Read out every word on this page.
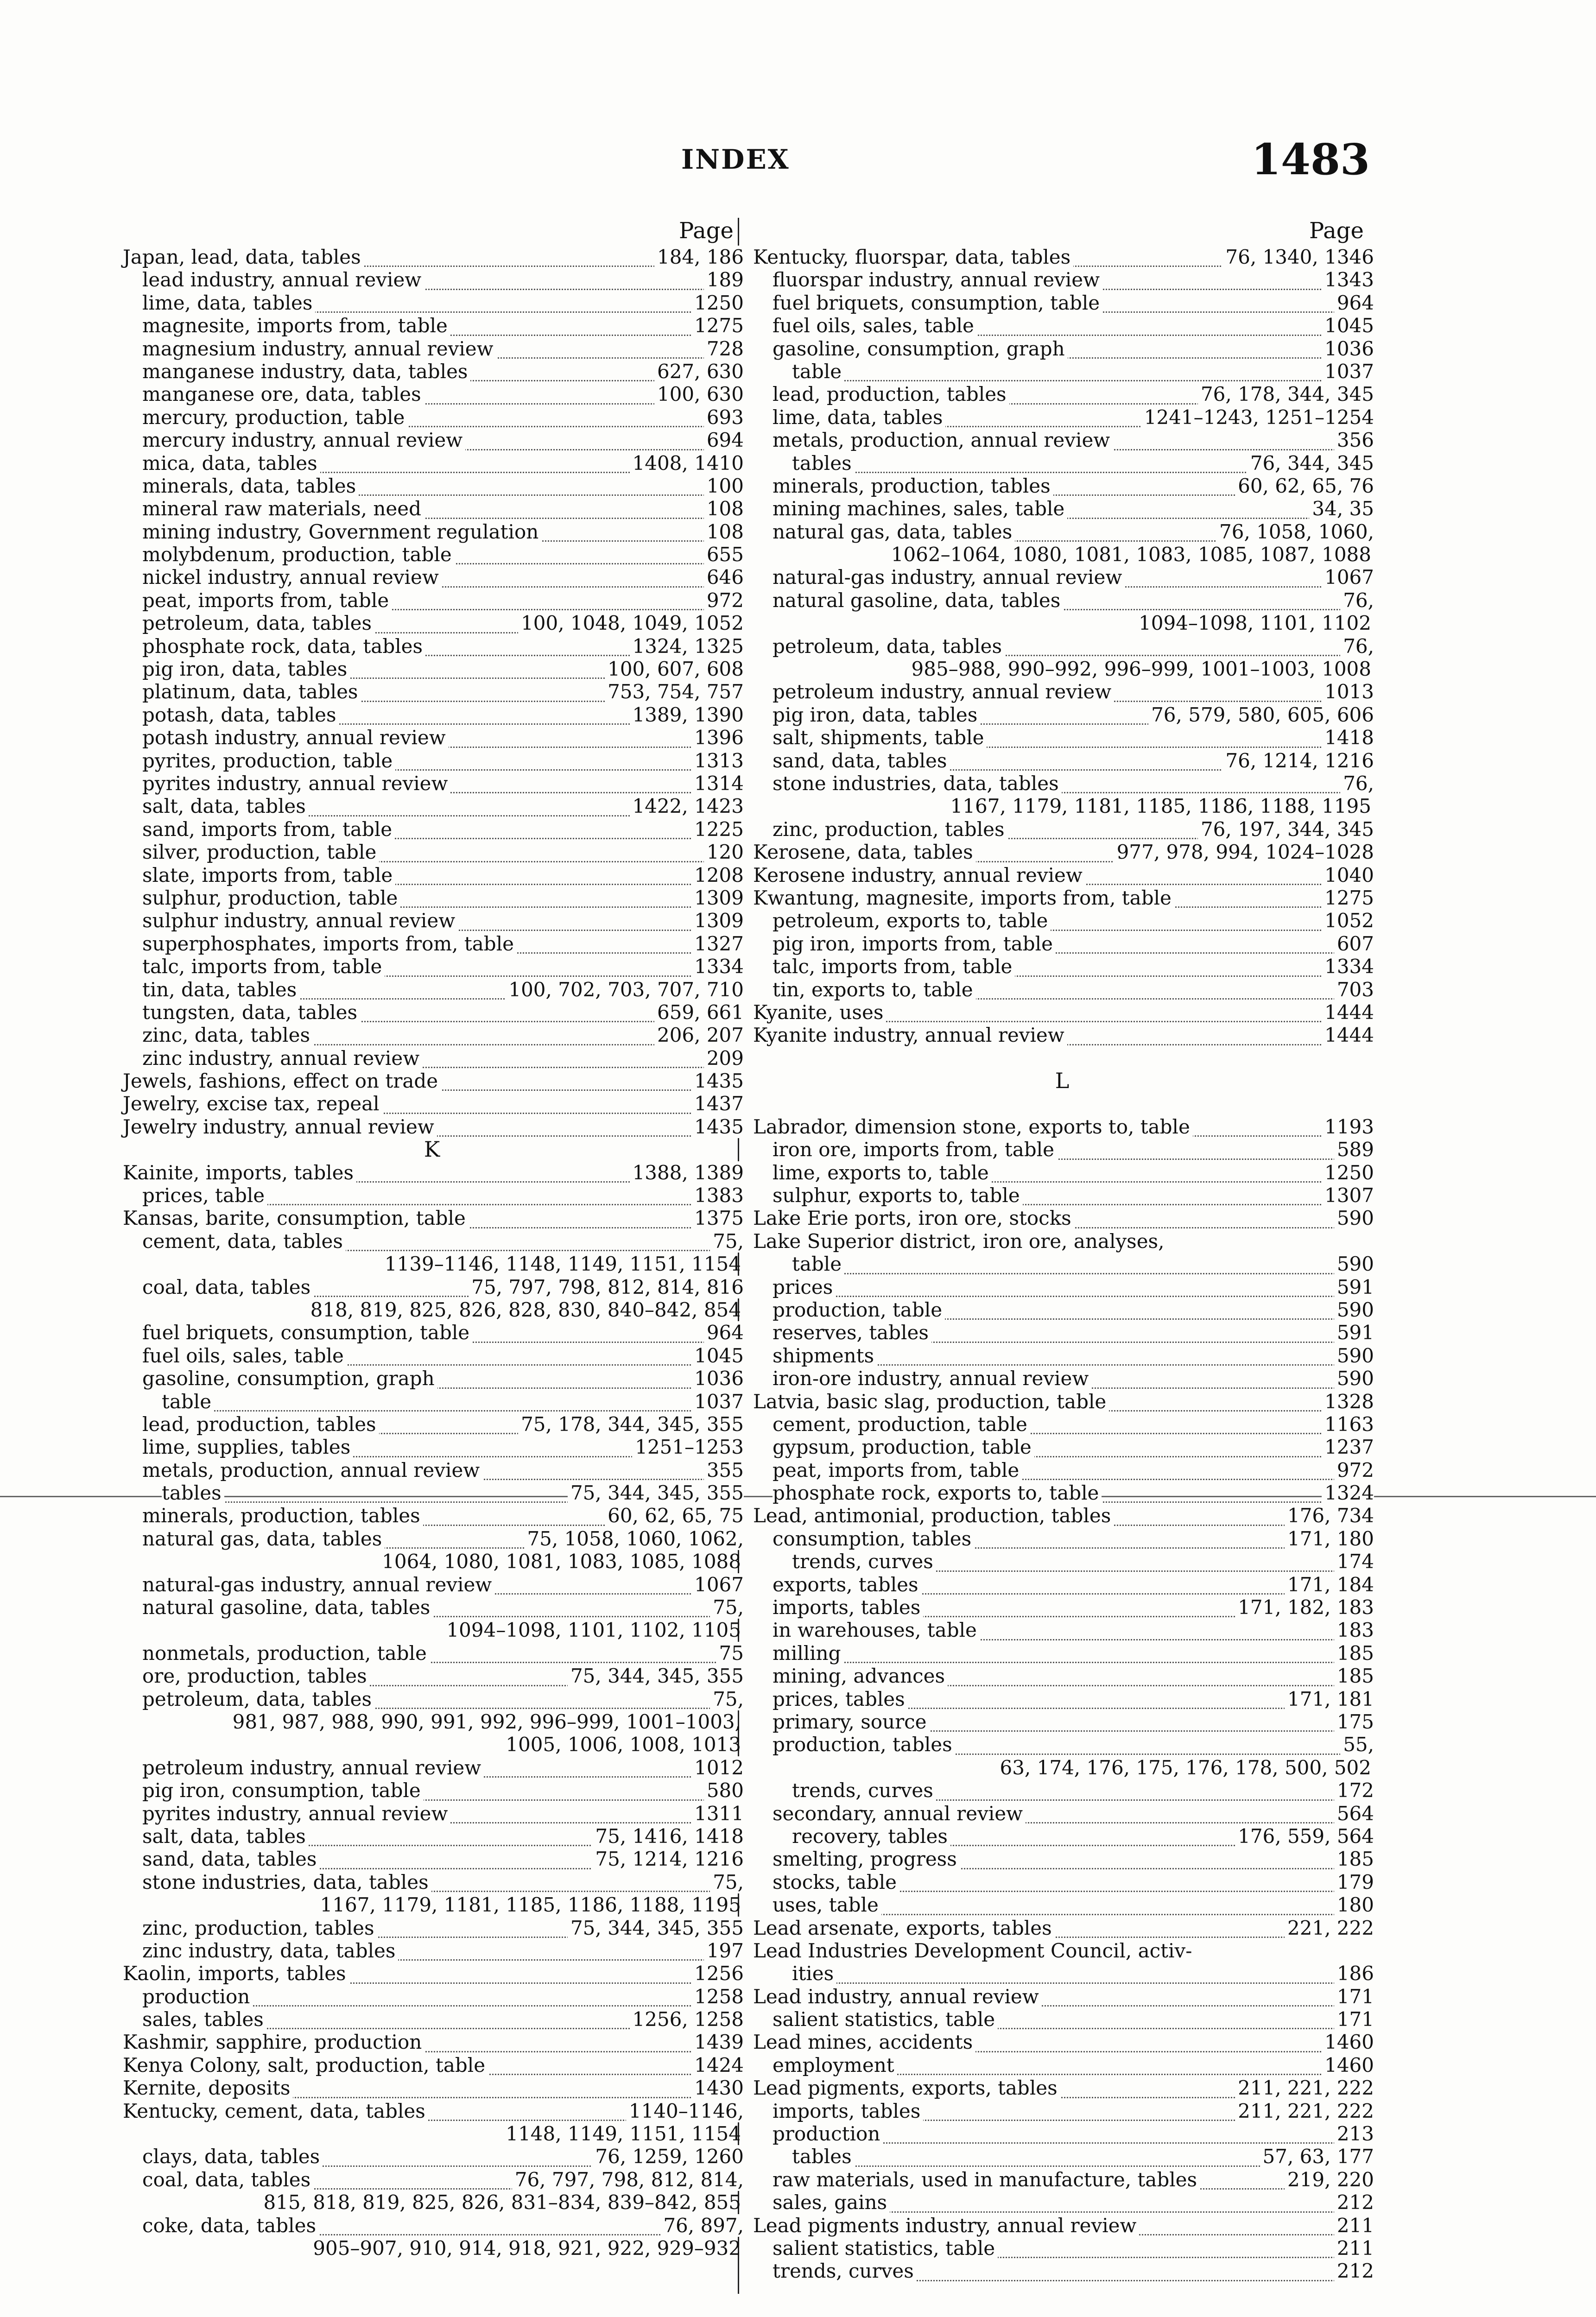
INDEX	1483
Page
Japan, lead, data, tables	184, 186
lead industry, annual review	189
lime, data, tables	1250
magnesite, imports from, table	1275
magnesium industry, annual review	728
manganese industry, data, tables	627, 630
manganese ore, data, tables	100, 630
mercury, production, table	693
mercury industry, annual review	694
mica, data, tables	1408, 1410
minerals, data, tables	100
mineral raw materials, need	108
mining industry, Government regulation	108
molybdenum, production, table	655
nickel industry, annual review	646
peat, imports from, table	972
petroleum, data, tables	100, 1048, 1049, 1052
phosphate rock, data, tables	1324, 1325
pig iron, data, tables	100, 607, 608
platinum, data, tables	753, 754, 757
potash, data, tables	1389, 1390
potash industry, annual review	1396
pyrites, production, table	1313
pyrites industry, annual review	1314
salt, data, tables	1422, 1423
sand, imports from, table	1225
silver, production, table	120
slate, imports from, table	1208
sulphur, production, table	1309
sulphur industry, annual review	1309
superphosphates, imports from, table	1327
talc, imports from, table	1334
tin, data, tables	100, 702, 703, 707, 710
tungsten, data, tables	659, 661
zinc, data, tables	206, 207
zinc industry, annual review	209
Jewels, fashions, effect on trade	1435
Jewelry, excise tax, repeal	1437
Jewelry industry, annual review	1435
K
Kainite, imports, tables	1388, 1389
prices, table	1383
Kansas, barite, consumption, table	1375
cement, data, tables	75,
1139–1146, 1148, 1149, 1151, 1154
coal, data, tables	75, 797, 798, 812, 814, 816
818, 819, 825, 826, 828, 830, 840–842, 854
fuel briquets, consumption, table	964
fuel oils, sales, table	1045
gasoline, consumption, graph	1036
table	1037
lead, production, tables	75, 178, 344, 345, 355
lime, supplies, tables	1251–1253
metals, production, annual review	355
tables	75, 344, 345, 355
minerals, production, tables	60, 62, 65, 75
natural gas, data, tables	75, 1058, 1060, 1062,
1064, 1080, 1081, 1083, 1085, 1088
natural-gas industry, annual review	1067
natural gasoline, data, tables	75,
1094–1098, 1101, 1102, 1105
nonmetals, production, table	75
ore, production, tables	75, 344, 345, 355
petroleum, data, tables	75,
981, 987, 988, 990, 991, 992, 996–999, 1001–1003,
1005, 1006, 1008, 1013
petroleum industry, annual review	1012
pig iron, consumption, table	580
pyrites industry, annual review	1311
salt, data, tables	75, 1416, 1418
sand, data, tables	75, 1214, 1216
stone industries, data, tables	75,
1167, 1179, 1181, 1185, 1186, 1188, 1195
zinc, production, tables	75, 344, 345, 355
zinc industry, data, tables	197
Kaolin, imports, tables	1256
production	1258
sales, tables	1256, 1258
Kashmir, sapphire, production	1439
Kenya Colony, salt, production, table	1424
Kernite, deposits	1430
Kentucky, cement, data, tables	1140–1146,
1148, 1149, 1151, 1154
clays, data, tables	76, 1259, 1260
coal, data, tables	76, 797, 798, 812, 814,
815, 818, 819, 825, 826, 831–834, 839–842, 855
coke, data, tables	76, 897,
905–907, 910, 914, 918, 921, 922, 929–932
Page
Kentucky, fluorspar, data, tables	76, 1340, 1346
fluorspar industry, annual review	1343
fuel briquets, consumption, table	964
fuel oils, sales, table	1045
gasoline, consumption, graph	1036
table	1037
lead, production, tables	76, 178, 344, 345
lime, data, tables	1241–1243, 1251–1254
metals, production, annual review	356
tables	76, 344, 345
minerals, production, tables	60, 62, 65, 76
mining machines, sales, table	34, 35
natural gas, data, tables	76, 1058, 1060,
1062–1064, 1080, 1081, 1083, 1085, 1087, 1088
natural-gas industry, annual review	1067
natural gasoline, data, tables	76,
1094–1098, 1101, 1102
petroleum, data, tables	76,
985–988, 990–992, 996–999, 1001–1003, 1008
petroleum industry, annual review	1013
pig iron, data, tables	76, 579, 580, 605, 606
salt, shipments, table	1418
sand, data, tables	76, 1214, 1216
stone industries, data, tables	76,
1167, 1179, 1181, 1185, 1186, 1188, 1195
zinc, production, tables	76, 197, 344, 345
Kerosene, data, tables	977, 978, 994, 1024–1028
Kerosene industry, annual review	1040
Kwantung, magnesite, imports from, table	1275
petroleum, exports to, table	1052
pig iron, imports from, table	607
talc, imports from, table	1334
tin, exports to, table	703
Kyanite, uses	1444
Kyanite industry, annual review	1444
L
Labrador, dimension stone, exports to, table	1193
iron ore, imports from, table	589
lime, exports to, table	1250
sulphur, exports to, table	1307
Lake Erie ports, iron ore, stocks	590
Lake Superior district, iron ore, analyses,
table	590
prices	591
production, table	590
reserves, tables	591
shipments	590
iron-ore industry, annual review	590
Latvia, basic slag, production, table	1328
cement, production, table	1163
gypsum, production, table	1237
peat, imports from, table	972
phosphate rock, exports to, table	1324
Lead, antimonial, production, tables	176, 734
consumption, tables	171, 180
trends, curves	174
exports, tables	171, 184
imports, tables	171, 182, 183
in warehouses, table	183
milling	185
mining, advances	185
prices, tables	171, 181
primary, source	175
production, tables	55,
63, 174, 176, 175, 176, 178, 500, 502
trends, curves	172
secondary, annual review	564
recovery, tables	176, 559, 564
smelting, progress	185
stocks, table	179
uses, table	180
Lead arsenate, exports, tables	221, 222
Lead Industries Development Council, activ-
ities	186
Lead industry, annual review	171
salient statistics, table	171
Lead mines, accidents	1460
employment	1460
Lead pigments, exports, tables	211, 221, 222
imports, tables	211, 221, 222
production	213
tables	57, 63, 177
raw materials, used in manufacture, tables	219, 220
sales, gains	212
Lead pigments industry, annual review	211
salient statistics, table	211
trends, curves	212
